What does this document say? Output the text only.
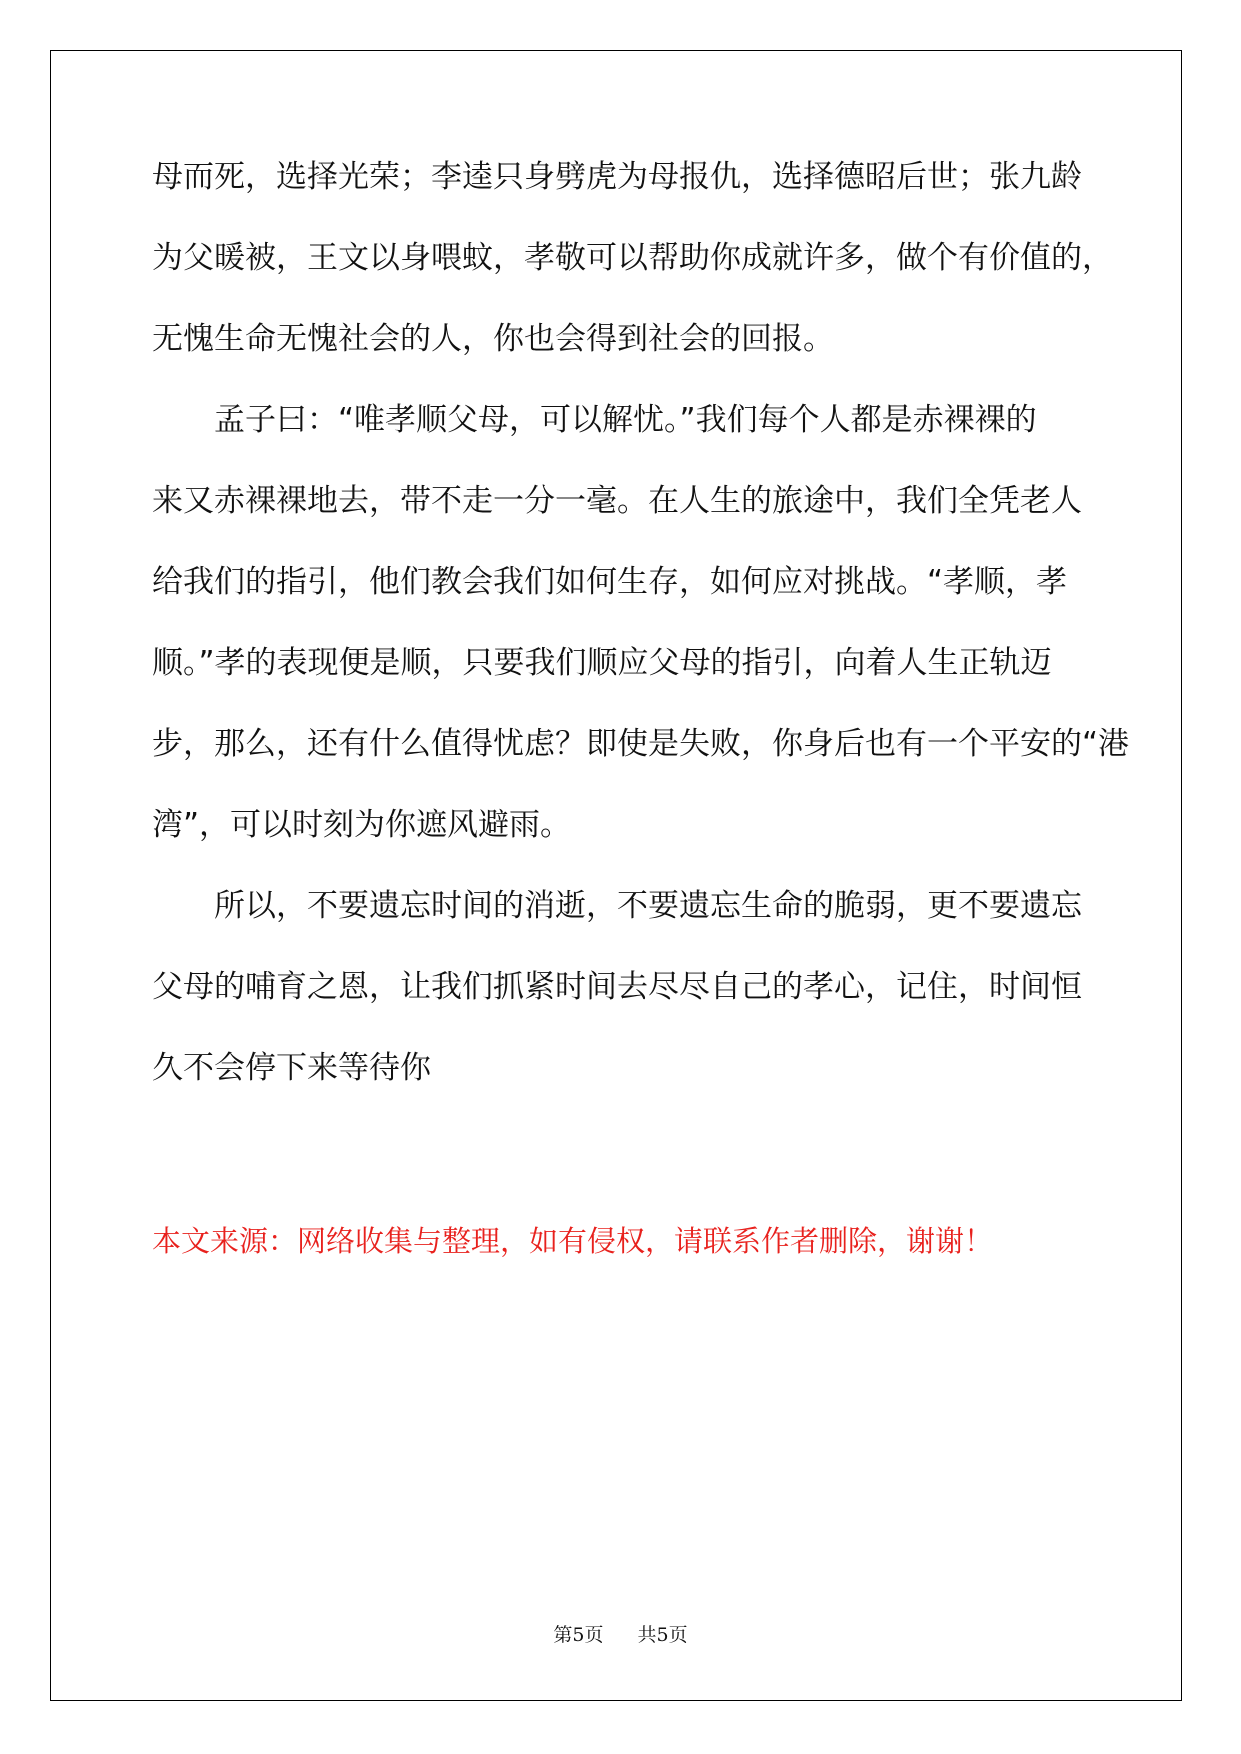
母而死，选择光荣；李逵只身劈虎为母报仇，选择德昭后世；张九龄
为父暖被，王文以身喂蚊，孝敬可以帮助你成就许多，做个有价值的，
无愧生命无愧社会的人，你也会得到社会的回报。
孟子曰：“唯孝顺父母，可以解忧。”我们每个人都是赤裸裸的
来又赤裸裸地去，带不走一分一毫。在人生的旅途中，我们全凭老人
给我们的指引，他们教会我们如何生存，如何应对挑战。“孝顺，孝
顺。”孝的表现便是顺，只要我们顺应父母的指引，向着人生正轨迈
步，那么，还有什么值得忧虑？即使是失败，你身后也有一个平安的“港
湾”，可以时刻为你遮风避雨。
所以，不要遗忘时间的消逝，不要遗忘生命的脆弱，更不要遗忘
父母的哺育之恩，让我们抓紧时间去尽尽自己的孝心，记住，时间恒
久不会停下来等待你

本文来源：网络收集与整理，如有侵权，请联系作者删除，谢谢！

第5页 共5页
